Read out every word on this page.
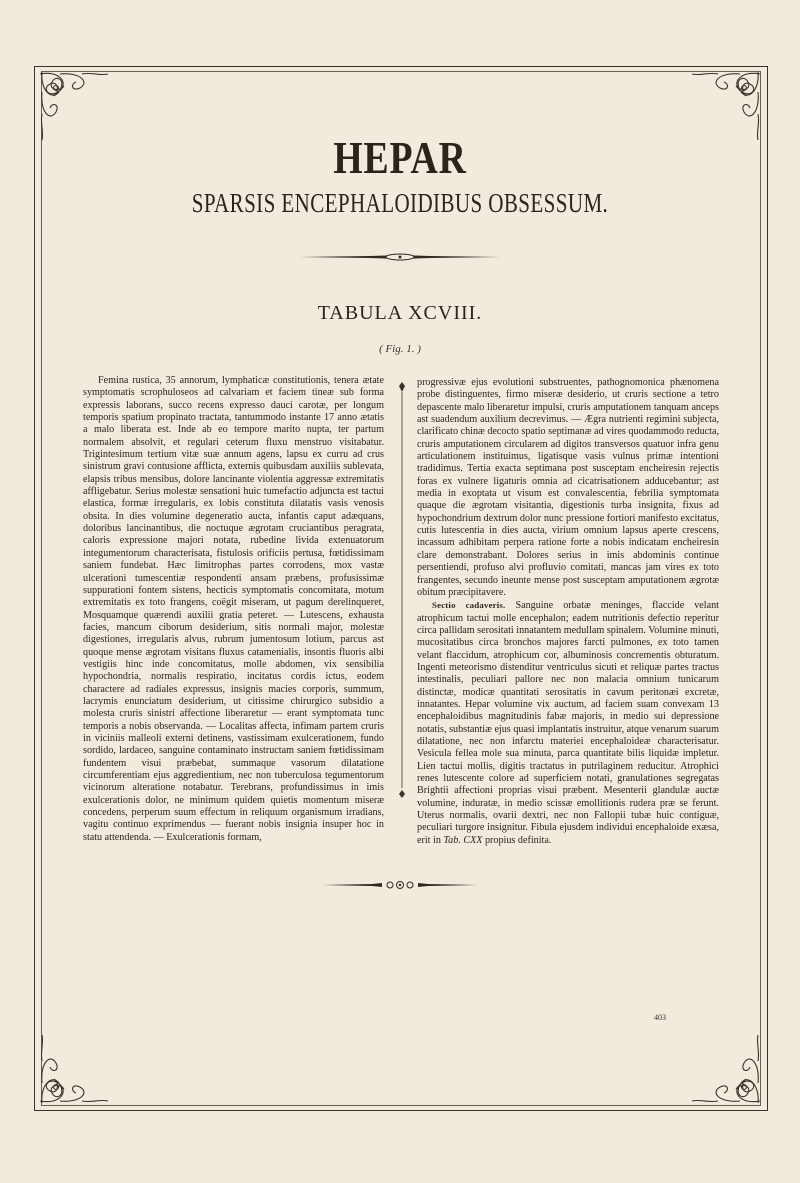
HEPAR
SPARSIS ENCEPHALOIDIBUS OBSESSUM.
TABULA XCVIII.
( Fig. 1. )

Femina rustica, 35 annorum, lymphaticæ constitutionis, tenera ætate symptomatis scrophuloseos ad calvariam et faciem tineæ sub forma expressis laborans, succo recens expresso dauci carotæ, per longum temporis spatium propinato tractata, tantummodo instante 17 anno ætatis a malo liberata est. Inde ab eo tempore marito nupta, ter partum normalem absolvit, et regulari ceterum fluxu menstruo visitabatur. Trigintesimum tertium vitæ suæ annum agens, lapsu ex curru ad crus sinistrum gravi contusione afflicta, externis quibusdam auxiliis sublevata, elapsis tribus mensibus, dolore lancinante violentia aggressæ extremitatis affligebatur. Serius molestæ sensationi huic tumefactio adjuncta est tactui elastica, formæ irregularis, ex lobis constituta dilatatis vasis venosis obsita. In dies volumine degeneratio aucta, infantis caput adæquans, doloribus lancinantibus, die noctuque ægrotam cruciantibus peragrata, caloris expressione majori notata, rubedine livida extenuatorum integumentorum characterisata, fistulosis orificiis pertusa, fœtidissimam saniem fundebat. Hæc limitrophas partes corrodens, mox vastæ ulcerationi tumescentiæ respondenti ansam præbens, profusissimæ suppurationi fontem sistens, hecticis symptomatis concomitata, motum extremitatis ex toto frangens, coëgit miseram, ut pagum derelinqueret, Mosquamque quærendi auxilii gratia peteret. — Lutescens, exhausta facies, mancum ciborum desiderium, sitis normali major, molestæ digestiones, irregularis alvus, rubrum jumentosum lotium, parcus ast quoque mense ægrotam visitans fluxus catamenialis, insontis fluoris albi vestigiis hinc inde concomitatus, molle abdomen, vix sensibilia hypochondria, normalis respiratio, incitatus cordis ictus, eodem charactere ad radiales expressus, insignis macies corporis, summum, lacrymis enunciatum desiderium, ut citissime chirurgico subsidio a molesta cruris sinistri affectione liberaretur — erant symptomata tunc temporis a nobis observanda. — Localitas affecta, infimam partem cruris in viciniis malleoli externi detinens, vastissimam exulcerationem, fundo sordido, lardaceo, sanguine contaminato instructam saniem fœtidissimam fundentem visui præbebat, summaque vasorum dilatatione circumferentiam ejus aggredientium, nec non tuberculosa tegumentorum vicinorum alteratione notabatur. Terebrans, profundissimus in imis exulcerationis dolor, ne minimum quidem quietis momentum miseræ concedens, perperum suum effectum in reliquum organismum irradians, vagitu continuo exprimendus — fuerant nobis insignia insuper hoc in statu attendenda. — Exulcerationis formam,

progressivæ ejus evolutioni substruentes, pathognomonica phænomena probe distinguentes, firmo miseræ desiderio, ut cruris sectione a tetro depascente malo liberaretur impulsi, cruris amputationem tanquam anceps ast suadendum auxilium decrevimus. — Ægra nutrienti regimini subjecta, clarificato chinæ decocto spatio septimanæ ad vires quodammodo reducta, cruris amputationem circularem ad digitos transversos quatuor infra genu articulationem instituimus, ligatisque vasis vulnus primæ intentioni tradidimus. Tertia exacta septimana post susceptam encheiresin rejectis foras ex vulnere ligaturis omnia ad cicatrisationem adducebantur; ast media in exoptata ut visum est convalescentia, febrilia symptomata quaque die ægrotam visitantia, digestionis turba insignita, fixus ad hypochondrium dextrum dolor nunc pressione fortiori manifesto excitatus, cutis lutescentia in dies aucta, virium omnium lapsus aperte crescens, incassum adhibitam perpera ratione forte a nobis indicatam encheiresin clare demonstrabant. Dolores serius in imis abdominis continue persentiendi, profuso alvi profluvio comitati, mancas jam vires ex toto frangentes, secundo ineunte mense post susceptam amputationem ægrotæ obitum præcipitavere.

Sectio cadaveris. Sanguine orbatæ meninges, flaccide velant atrophicum tactui molle encephalon; eadem nutritionis defectio reperitur circa pallidam serositati innatantem medullam spinalem. Volumine minuti, mucositatibus circa bronchos majores farcti pulmones, ex toto tamen velant flaccidum, atrophicum cor, albuminosis concrementis obturatum. Ingenti meteorismo distenditur ventriculus sicuti et reliquæ partes tractus intestinalis, peculiari pallore nec non malacia omnium tunicarum distinctæ, modicæ quantitati serositatis in cavum peritonæi excretæ, innatantes. Hepar volumine vix auctum, ad faciem suam convexam 13 encephaloidibus magnitudinis fabæ majoris, in medio sui depressione notatis, substantiæ ejus quasi implantatis instruitur, atque venarum suarum dilatatione, nec non infarctu materiei encephaloideæ characterisatur. Vesicula fellea mole sua minuta, parca quantitate bilis liquidæ impletur. Lien tactui mollis, digitis tractatus in putrilaginem reducitur. Atrophici renes lutescente colore ad superficiem notati, granulationes segregatas Brightii affectioni proprias visui præbent. Mesenterii glandulæ auctæ volumine, induratæ, in medio scissæ emollitionis rudera præ se ferunt. Uterus normalis, ovarii dextri, nec non Fallopii tubæ huic contiguæ, peculiari turgore insignitur. Fibula ejusdem individui encephaloide exæsa, erit in Tab. CXX propius definita.

403
